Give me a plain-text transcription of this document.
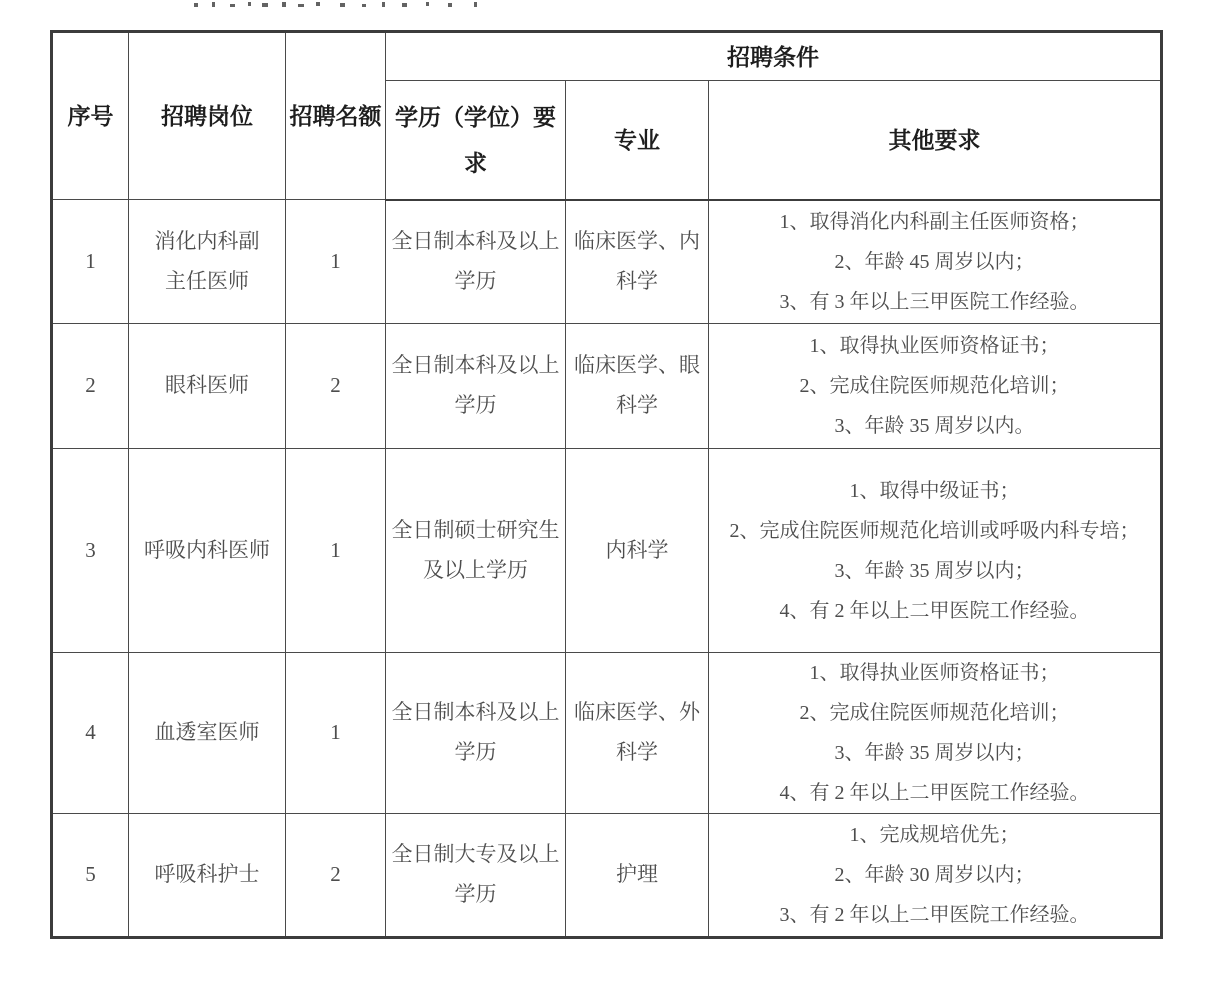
序号	招聘岗位	招聘名额	招聘条件		
			学历（学位）要求	专业	其他要求
1	消化内科副主任医师	1	全日制本科及以上学历	临床医学、内科学	1、取得消化内科副主任医师资格；
2、年龄 45 周岁以内；
3、有 3 年以上三甲医院工作经验。

2	眼科医师	2	全日制本科及以上学历	临床医学、眼科学	1、取得执业医师资格证书；
2、完成住院医师规范化培训；
3、年龄 35 周岁以内。

3	呼吸内科医师	1	全日制硕士研究生及以上学历	内科学	1、取得中级证书；
2、完成住院医师规范化培训或呼吸内科专培；
3、年龄 35 周岁以内；
4、有 2 年以上二甲医院工作经验。

4	血透室医师	1	全日制本科及以上学历	临床医学、外科学	1、取得执业医师资格证书；
2、完成住院医师规范化培训；
3、年龄 35 周岁以内；
4、有 2 年以上二甲医院工作经验。

5	呼吸科护士	2	全日制大专及以上学历	护理	1、完成规培优先；
2、年龄 30 周岁以内；
3、有 2 年以上二甲医院工作经验。
